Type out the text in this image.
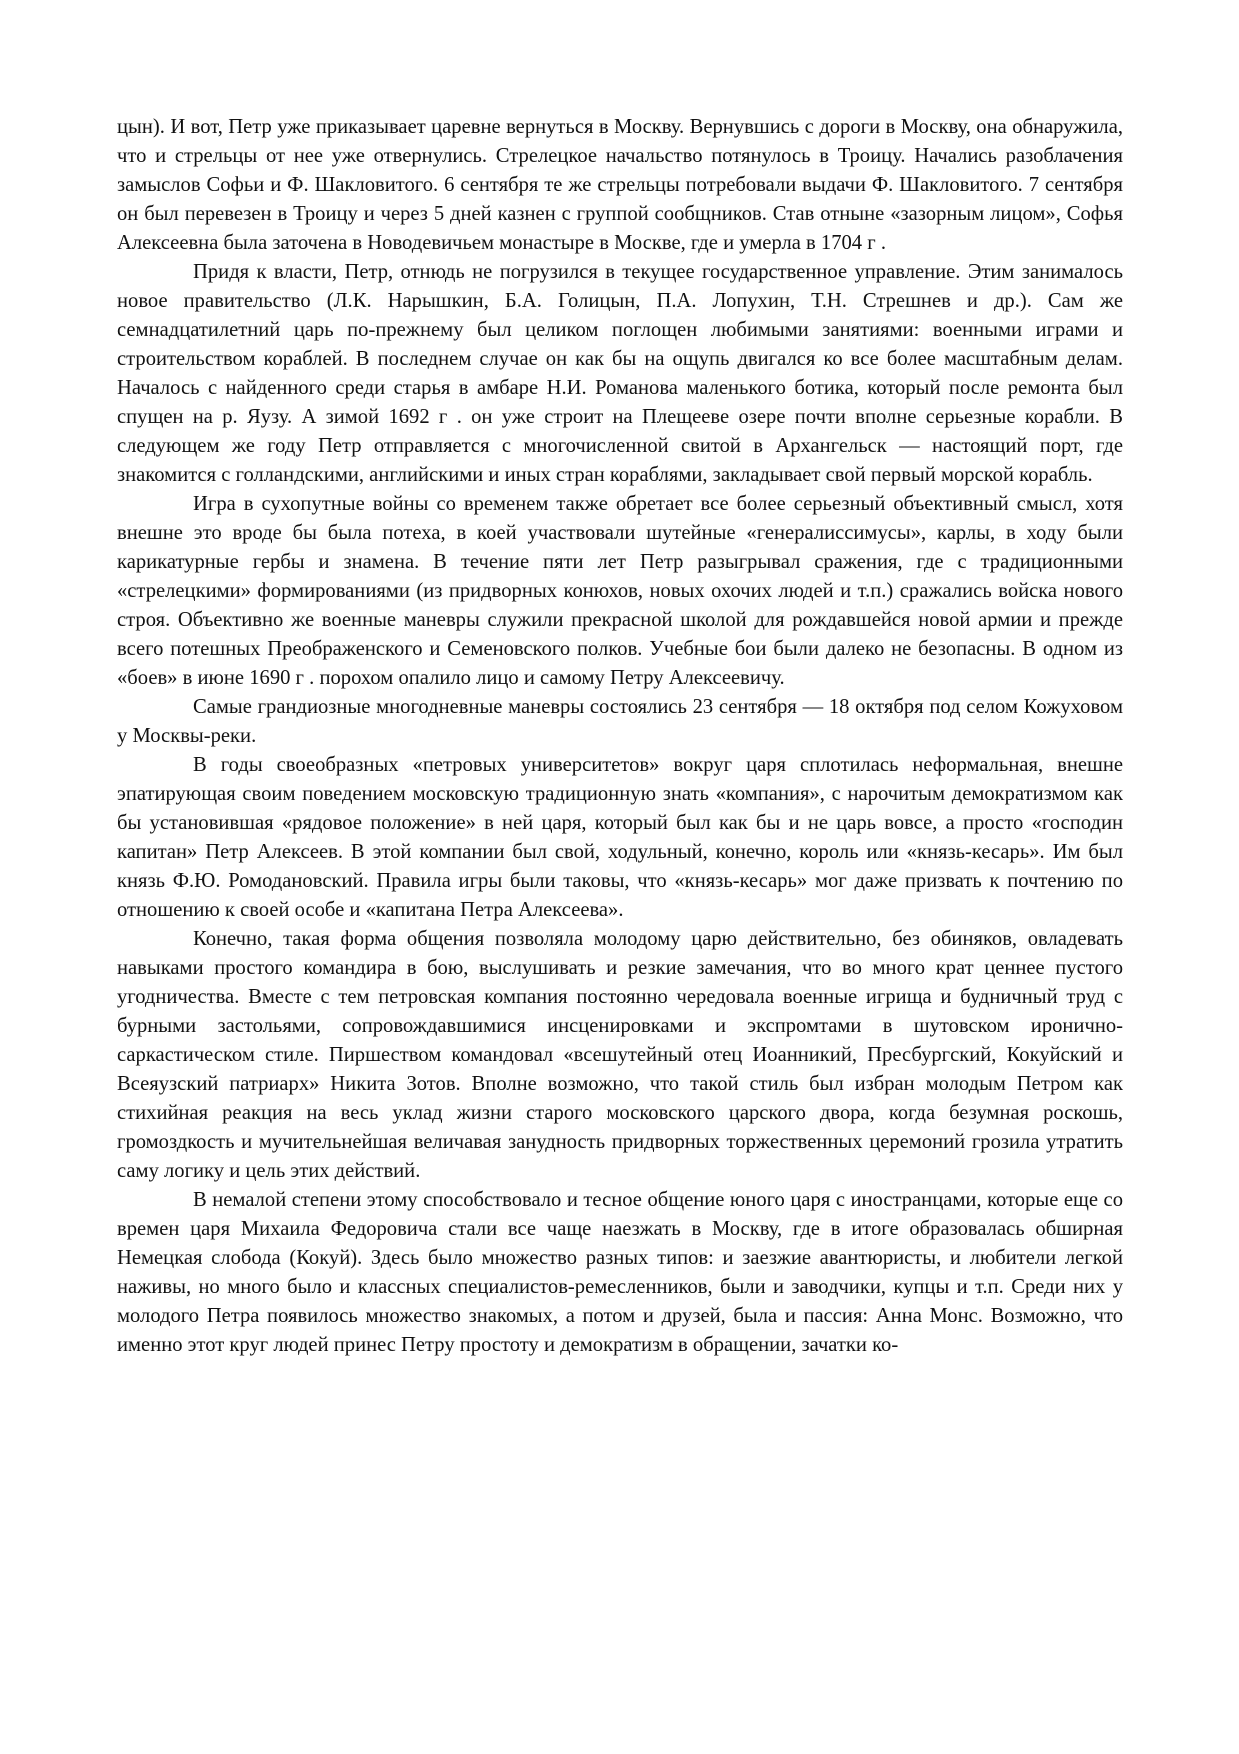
цын). И вот, Петр уже приказывает царевне вернуться в Москву. Вернувшись с дороги в Москву, она обнаружила, что и стрельцы от нее уже отвернулись. Стрелецкое начальство потянулось в Троицу. Начались разоблачения замыслов Софьи и Ф. Шакловитого. 6 сентября те же стрельцы потребовали выдачи Ф. Шакловитого. 7 сентября он был перевезен в Троицу и через 5 дней казнен с группой сообщников. Став отныне «зазорным лицом», Софья Алексеевна была заточена в Новодевичьем монастыре в Москве, где и умерла в 1704 г .

Придя к власти, Петр, отнюдь не погрузился в текущее государственное управление. Этим занималось новое правительство (Л.К. Нарышкин, Б.А. Голицын, П.А. Лопухин, Т.Н. Стрешнев и др.). Сам же семнадцатилетний царь по-прежнему был целиком поглощен любимыми занятиями: военными играми и строительством кораблей. В последнем случае он как бы на ощупь двигался ко все более масштабным делам. Началось с найденного среди старья в амбаре Н.И. Романова маленького ботика, который после ремонта был спущен на р. Яузу. А зимой 1692 г . он уже строит на Плещееве озере почти вполне серьезные корабли. В следующем же году Петр отправляется с многочисленной свитой в Архангельск — настоящий порт, где знакомится с голландскими, английскими и иных стран кораблями, закладывает свой первый морской корабль.

Игра в сухопутные войны со временем также обретает все более серьезный объективный смысл, хотя внешне это вроде бы была потеха, в коей участвовали шутейные «генералиссимусы», карлы, в ходу были карикатурные гербы и знамена. В течение пяти лет Петр разыгрывал сражения, где с традиционными «стрелецкими» формированиями (из придворных конюхов, новых охочих людей и т.п.) сражались войска нового строя. Объективно же военные маневры служили прекрасной школой для рождавшейся новой армии и прежде всего потешных Преображенского и Семеновского полков. Учебные бои были далеко не безопасны. В одном из «боев» в июне 1690 г . порохом опалило лицо и самому Петру Алексеевичу.

Самые грандиозные многодневные маневры состоялись 23 сентября — 18 октября под селом Кожуховом у Москвы-реки.

В годы своеобразных «петровых университетов» вокруг царя сплотилась неформальная, внешне эпатирующая своим поведением московскую традиционную знать «компания», с нарочитым демократизмом как бы установившая «рядовое положение» в ней царя, который был как бы и не царь вовсе, а просто «господин капитан» Петр Алексеев. В этой компании был свой, ходульный, конечно, король или «князь-кесарь». Им был князь Ф.Ю. Ромодановский. Правила игры были таковы, что «князь-кесарь» мог даже призвать к почтению по отношению к своей особе и «капитана Петра Алексеева».

Конечно, такая форма общения позволяла молодому царю действительно, без обиняков, овладевать навыками простого командира в бою, выслушивать и резкие замечания, что во много крат ценнее пустого угодничества. Вместе с тем петровская компания постоянно чередовала военные игрища и будничный труд с бурными застольями, сопровождавшимися инсценировками и экспромтами в шутовском иронично-саркастическом стиле. Пиршеством командовал «всешутейный отец Иоанникий, Пресбургский, Кокуйский и Всеяузский патриарх» Никита Зотов. Вполне возможно, что такой стиль был избран молодым Петром как стихийная реакция на весь уклад жизни старого московского царского двора, когда безумная роскошь, громоздкость и мучительнейшая величавая занудность придворных торжественных церемоний грозила утратить саму логику и цель этих действий.

В немалой степени этому способствовало и тесное общение юного царя с иностранцами, которые еще со времен царя Михаила Федоровича стали все чаще наезжать в Москву, где в итоге образовалась обширная Немецкая слобода (Кокуй). Здесь было множество разных типов: и заезжие авантюристы, и любители легкой наживы, но много было и классных специалистов-ремесленников, были и заводчики, купцы и т.п. Среди них у молодого Петра появилось множество знакомых, а потом и друзей, была и пассия: Анна Монс. Возможно, что именно этот круг людей принес Петру простоту и демократизм в обращении, зачатки ко-
